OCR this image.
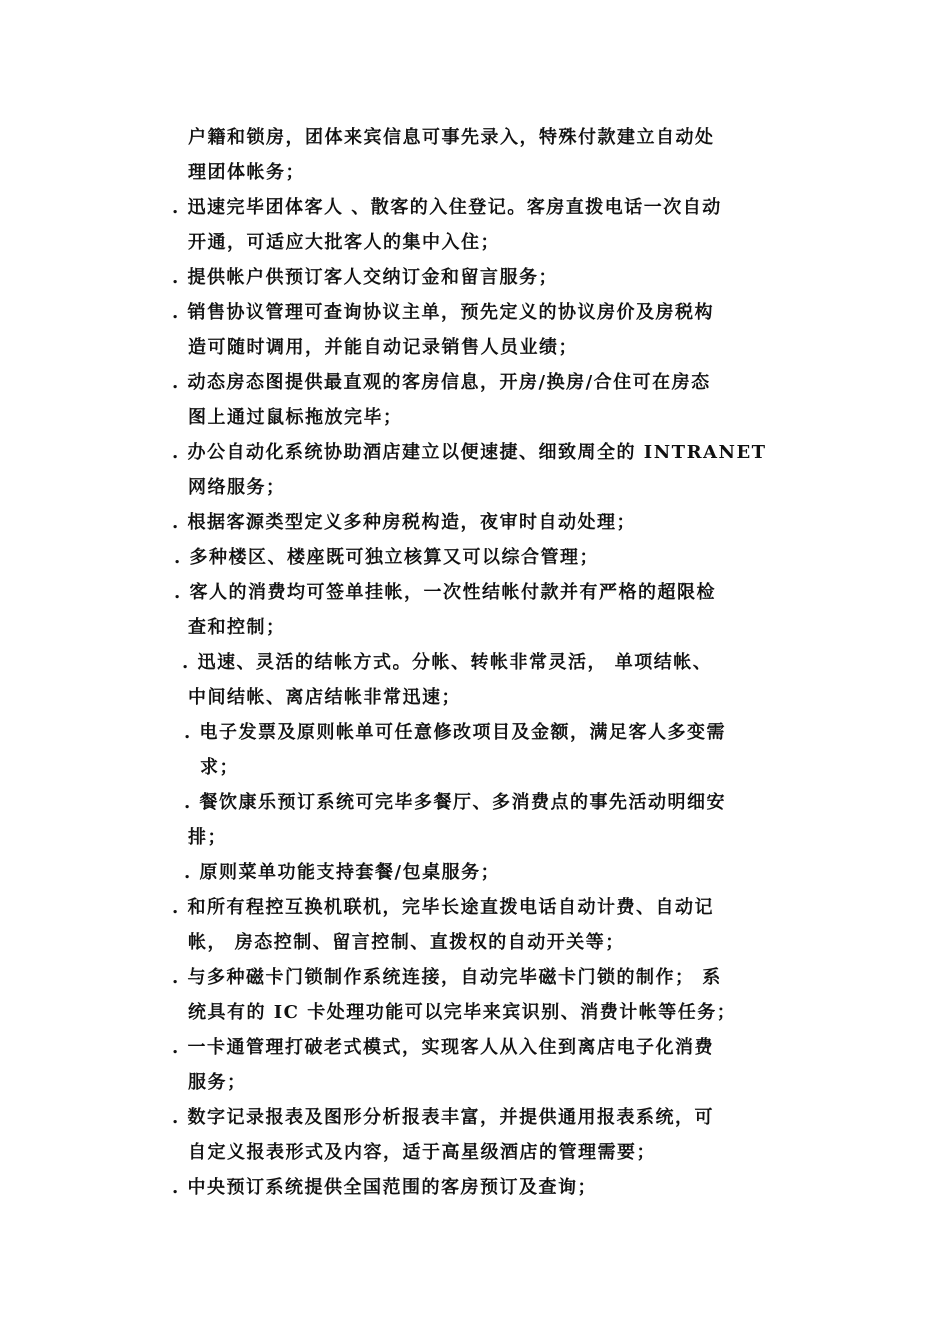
户籍和锁房，团体来宾信息可事先录入，特殊付款建立自动处
理团体帐务；
. 迅速完毕团体客人 、散客的入住登记。客房直拨电话一次自动
开通，可适应大批客人的集中入住；
. 提供帐户供预订客人交纳订金和留言服务；
. 销售协议管理可查询协议主单，预先定义的协议房价及房税构
造可随时调用，并能自动记录销售人员业绩；
. 动态房态图提供最直观的客房信息，开房/换房/合住可在房态
图上通过鼠标拖放完毕；
. 办公自动化系统协助酒店建立以便速捷、细致周全的 INTRANET
网络服务；
. 根据客源类型定义多种房税构造，夜审时自动处理；
. 多种楼区、楼座既可独立核算又可以综合管理；
. 客人的消费均可签单挂帐，一次性结帐付款并有严格的超限检
查和控制；
. 迅速、灵活的结帐方式。分帐、转帐非常灵活， 单项结帐、
中间结帐、离店结帐非常迅速；
. 电子发票及原则帐单可任意修改项目及金额，满足客人多变需
求；
. 餐饮康乐预订系统可完毕多餐厅、多消费点的事先活动明细安
排；
. 原则菜单功能支持套餐/包桌服务；
. 和所有程控互换机联机，完毕长途直拨电话自动计费、自动记
帐， 房态控制、留言控制、直拨权的自动开关等；
. 与多种磁卡门锁制作系统连接，自动完毕磁卡门锁的制作； 系
统具有的 IC 卡处理功能可以完毕来宾识别、消费计帐等任务；
. 一卡通管理打破老式模式，实现客人从入住到离店电子化消费
服务；
. 数字记录报表及图形分析报表丰富，并提供通用报表系统，可
自定义报表形式及内容，适于高星级酒店的管理需要；
. 中央预订系统提供全国范围的客房预订及查询；
